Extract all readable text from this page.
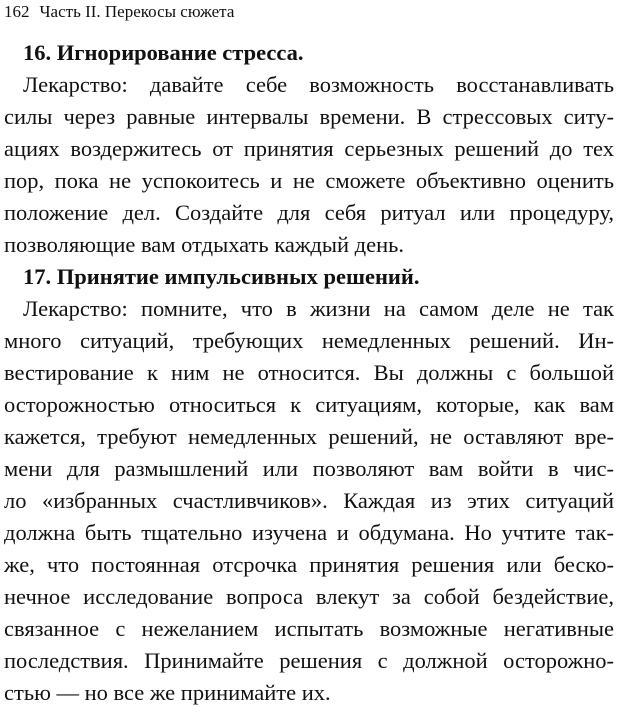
162 Часть II. Перекосы сюжета
16. Игнорирование стресса.
Лекарство: давайте себе возможность восстанавливать
силы через равные интервалы времени. В стрессовых ситу-
ациях воздержитесь от принятия серьезных решений до тех
пор, пока не успокоитесь и не сможете объективно оценить
положение дел. Создайте для себя ритуал или процедуру,
позволяющие вам отдыхать каждый день.
17. Принятие импульсивных решений.
Лекарство: помните, что в жизни на самом деле не так
много ситуаций, требующих немедленных решений. Ин-
вестирование к ним не относится. Вы должны с большой
осторожностью относиться к ситуациям, которые, как вам
кажется, требуют немедленных решений, не оставляют вре-
мени для размышлений или позволяют вам войти в чис-
ло «избранных счастливчиков». Каждая из этих ситуаций
должна быть тщательно изучена и обдумана. Но учтите так-
же, что постоянная отсрочка принятия решения или беско-
нечное исследование вопроса влекут за собой бездействие,
связанное с нежеланием испытать возможные негативные
последствия. Принимайте решения с должной осторожно-
стью — но все же принимайте их.
